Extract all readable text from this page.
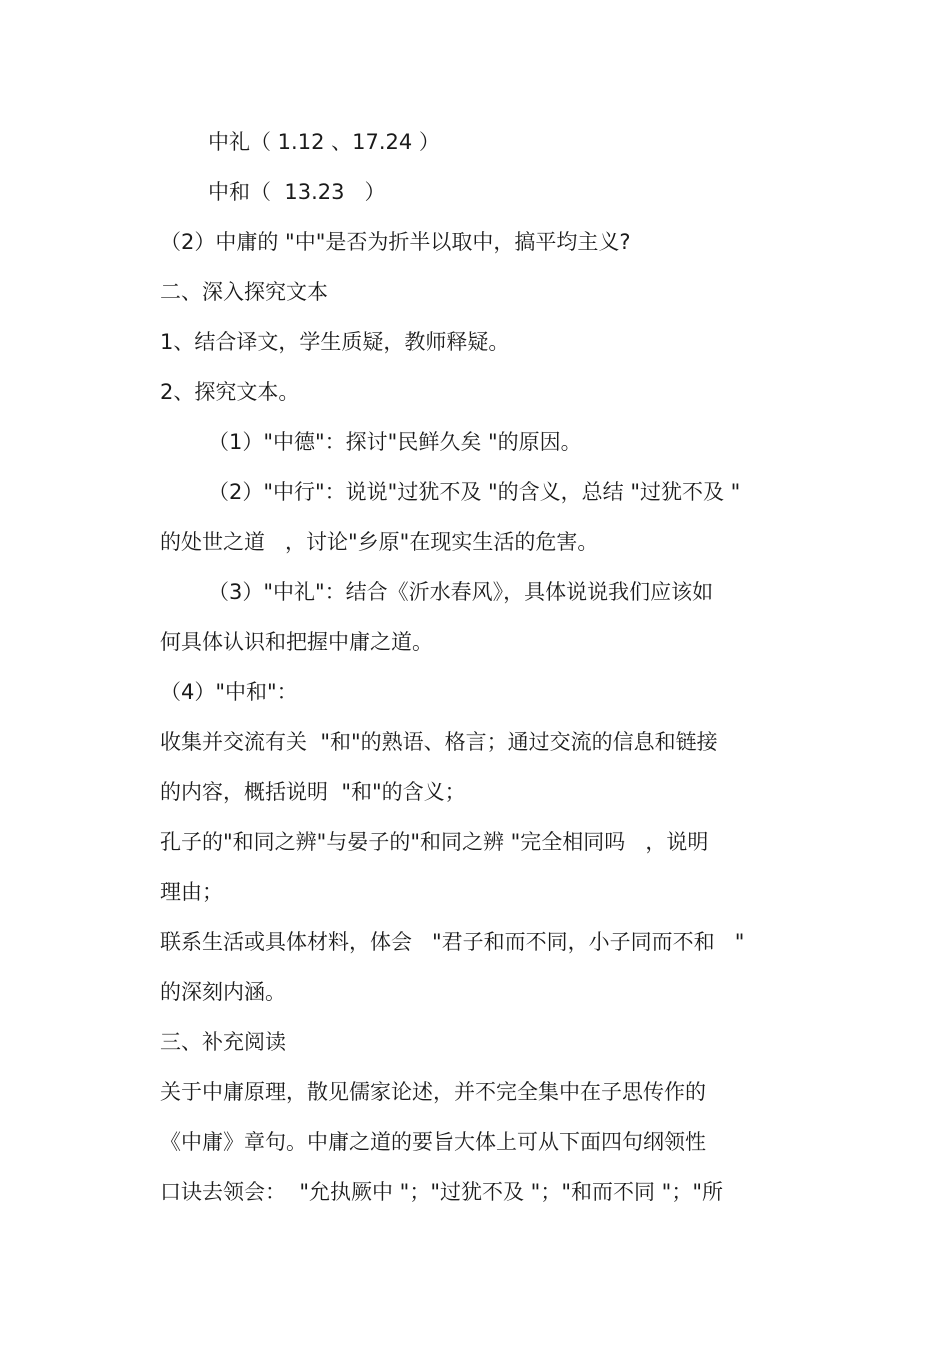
中礼（ 1.12 、17.24 ）
中和（  13.23   ）
（2）中庸的 "中"是否为折半以取中，搞平均主义?
二、深入探究文本
1、结合译文，学生质疑，教师释疑。
2、探究文本。
（1）"中德"：探讨"民鲜久矣 "的原因。
（2）"中行"：说说"过犹不及 "的含义，总结 "过犹不及 "
的处世之道   ，讨论"乡原"在现实生活的危害。
（3）"中礼"：结合《沂水春风》，具体说说我们应该如
何具体认识和把握中庸之道。
（4）"中和"：
收集并交流有关  "和"的熟语、格言；通过交流的信息和链接
的内容，概括说明  "和"的含义；
孔子的"和同之辨"与晏子的"和同之辨 "完全相同吗   ，说明
理由；
联系生活或具体材料，体会   "君子和而不同，小子同而不和   "
的深刻内涵。
三、补充阅读
关于中庸原理，散见儒家论述，并不完全集中在子思传作的
《中庸》章句。中庸之道的要旨大体上可从下面四句纲领性
口诀去领会：  "允执厥中 "；"过犹不及 "；"和而不同 "；"所
